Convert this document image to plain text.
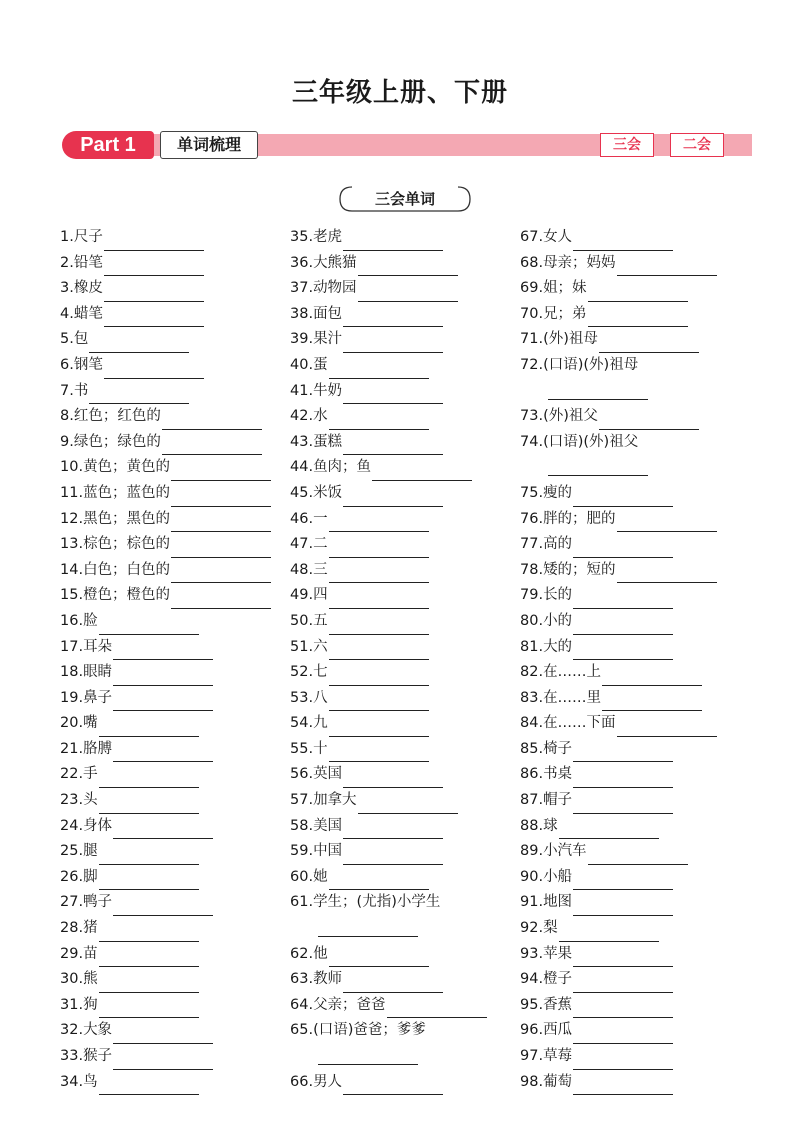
三年级上册、下册
Part 1	单词梳理	三会	二会
三会单词
1.尺子
2.铅笔
3.橡皮
4.蜡笔
5.包
6.钢笔
7.书
8.红色；红色的
9.绿色；绿色的
10.黄色；黄色的
11.蓝色；蓝色的
12.黑色；黑色的
13.棕色；棕色的
14.白色；白色的
15.橙色；橙色的
16.脸
17.耳朵
18.眼睛
19.鼻子
20.嘴
21.胳膊
22.手
23.头
24.身体
25.腿
26.脚
27.鸭子
28.猪
29.苗
30.熊
31.狗
32.大象
33.猴子
34.鸟
35.老虎
36.大熊猫
37.动物园
38.面包
39.果汁
40.蛋
41.牛奶
42.水
43.蛋糕
44.鱼肉；鱼
45.米饭
46.一
47.二
48.三
49.四
50.五
51.六
52.七
53.八
54.九
55.十
56.英国
57.加拿大
58.美国
59.中国
60.她
61.学生；(尤指)小学生
62.他
63.教师
64.父亲；爸爸
65.(口语)爸爸；爹爹
66.男人
67.女人
68.母亲；妈妈
69.姐；妹
70.兄；弟
71.(外)祖母
72.(口语)(外)祖母
73.(外)祖父
74.(口语)(外)祖父
75.瘦的
76.胖的；肥的
77.高的
78.矮的；短的
79.长的
80.小的
81.大的
82.在……上
83.在……里
84.在……下面
85.椅子
86.书桌
87.帽子
88.球
89.小汽车
90.小船
91.地图
92.梨
93.苹果
94.橙子
95.香蕉
96.西瓜
97.草莓
98.葡萄
